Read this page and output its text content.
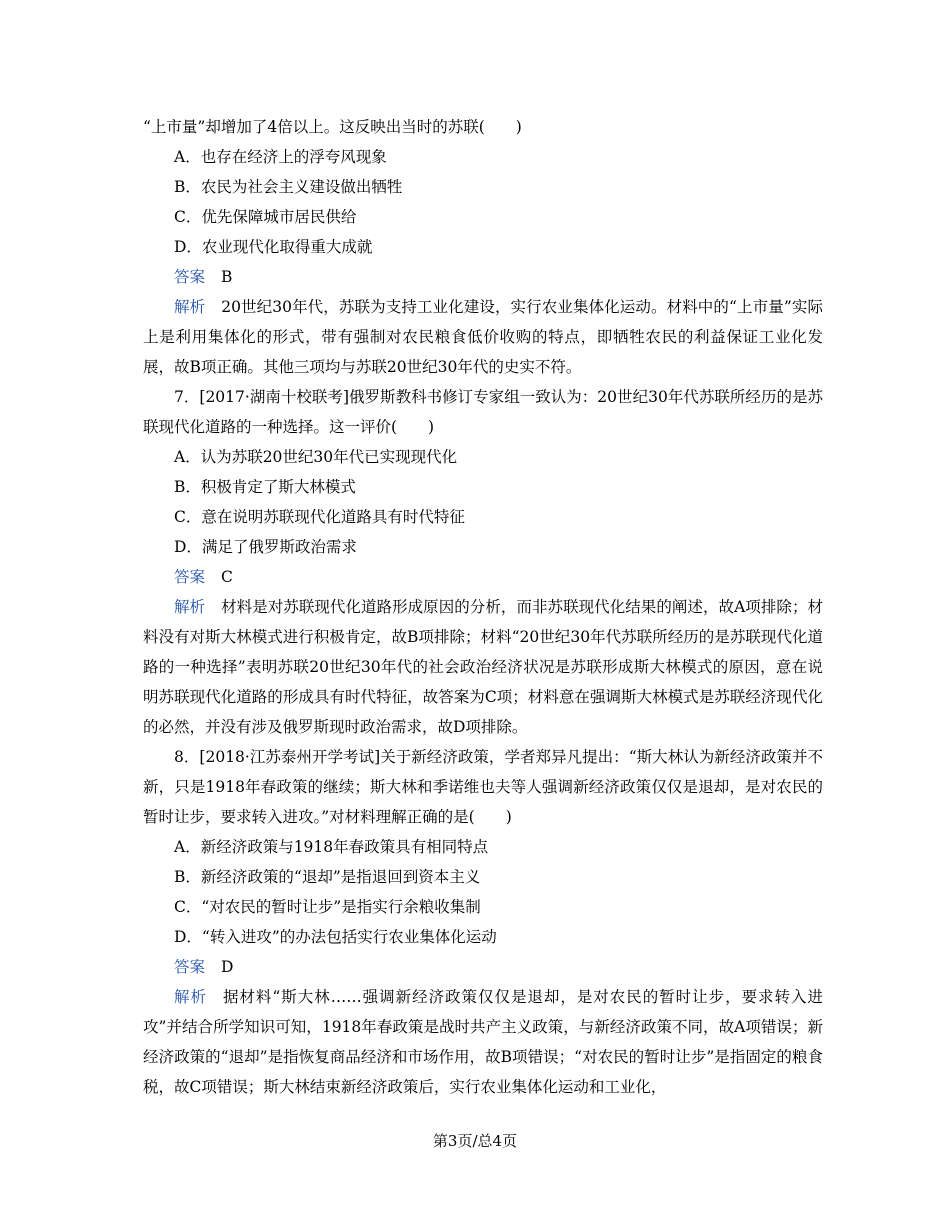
“上市量”却增加了4倍以上。这反映出当时的苏联(　　)
A．也存在经济上的浮夸风现象
B．农民为社会主义建设做出牺牲
C．优先保障城市居民供给
D．农业现代化取得重大成就
答案 B

解析 20世纪30年代，苏联为支持工业化建设，实行农业集体化运动。材料中的“上市量”实际上是利用集体化的形式，带有强制对农民粮食低价收购的特点，即牺牲农民的利益保证工业化发展，故B项正确。其他三项均与苏联20世纪30年代的史实不符。

7．[2017·湖南十校联考]俄罗斯教科书修订专家组一致认为：20世纪30年代苏联所经历的是苏联现代化道路的一种选择。这一评价(　　)

A．认为苏联20世纪30年代已实现现代化
B．积极肯定了斯大林模式
C．意在说明苏联现代化道路具有时代特征
D．满足了俄罗斯政治需求
答案 C

解析 材料是对苏联现代化道路形成原因的分析，而非苏联现代化结果的阐述，故A项排除；材料没有对斯大林模式进行积极肯定，故B项排除；材料“20世纪30年代苏联所经历的是苏联现代化道路的一种选择”表明苏联20世纪30年代的社会政治经济状况是苏联形成斯大林模式的原因，意在说明苏联现代化道路的形成具有时代特征，故答案为C项；材料意在强调斯大林模式是苏联经济现代化的必然，并没有涉及俄罗斯现时政治需求，故D项排除。

8．[2018·江苏泰州开学考试]关于新经济政策，学者郑异凡提出：“斯大林认为新经济政策并不新，只是1918年春政策的继续；斯大林和季诺维也夫等人强调新经济政策仅仅是退却，是对农民的暂时让步，要求转入进攻。”对材料理解正确的是(　　)

A．新经济政策与1918年春政策具有相同特点
B．新经济政策的“退却”是指退回到资本主义
C．“对农民的暂时让步”是指实行余粮收集制
D．“转入进攻”的办法包括实行农业集体化运动
答案 D

解析 据材料“斯大林……强调新经济政策仅仅是退却，是对农民的暂时让步，要求转入进攻”并结合所学知识可知，1918年春政策是战时共产主义政策，与新经济政策不同，故A项错误；新经济政策的“退却”是指恢复商品经济和市场作用，故B项错误；“对农民的暂时让步”是指固定的粮食税，故C项错误；斯大林结束新经济政策后，实行农业集体化运动和工业化，

第3页/总4页
